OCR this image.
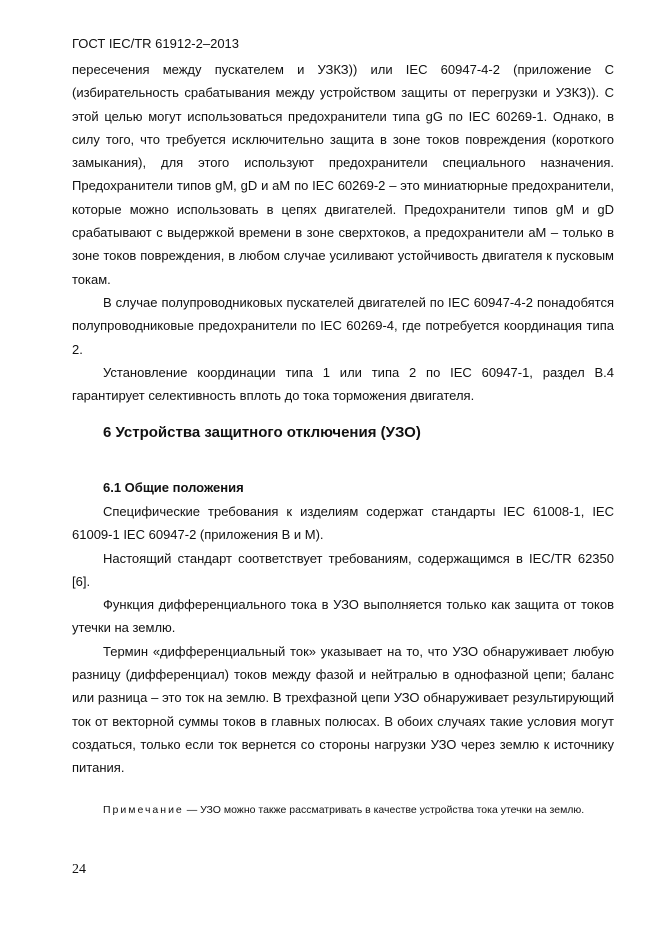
ГОСТ IEC/TR 61912-2–2013

пересечения между пускателем и УЗКЗ)) или IEC 60947-4-2 (приложение С (избирательность срабатывания между устройством защиты от перегрузки и УЗКЗ)). С этой целью могут использоваться предохранители типа gG по IEC 60269-1. Однако, в силу того, что требуется исключительно защита в зоне токов повреждения (короткого замыкания), для этого используют предохранители специального назначения. Предохранители типов gM, gD и aM по IEC 60269-2 – это миниатюрные предохранители, которые можно использовать в цепях двигателей. Предохранители типов gM и gD срабатывают с выдержкой времени в зоне сверхтоков, а предохранители aM – только в зоне токов повреждения, в любом случае усиливают устойчивость двигателя к пусковым токам.

В случае полупроводниковых пускателей двигателей по IEC 60947-4-2 понадобятся полупроводниковые предохранители по IEC 60269-4, где потребуется координация типа 2.

Установление координации типа 1 или типа 2 по IEC 60947-1, раздел В.4 гарантирует селективность вплоть до тока торможения двигателя.

6 Устройства защитного отключения (УЗО)
6.1 Общие положения

Специфические требования к изделиям содержат стандарты IEC 61008-1, IEC 61009-1 IEC 60947-2 (приложения В и М).

Настоящий стандарт соответствует требованиям, содержащимся в IEC/TR 62350 [6].

Функция дифференциального тока в УЗО выполняется только как защита от токов утечки на землю.

Термин «дифференциальный ток» указывает на то, что УЗО обнаруживает любую разницу (дифференциал) токов между фазой и нейтралью в однофазной цепи; баланс или разница – это ток на землю. В трехфазной цепи УЗО обнаруживает результирующий ток от векторной суммы токов в главных полюсах. В обоих случаях такие условия могут создаться, только если ток вернется со стороны нагрузки УЗО через землю к источнику питания.

Примечание — УЗО можно также рассматривать в качестве устройства тока утечки на землю.

24
